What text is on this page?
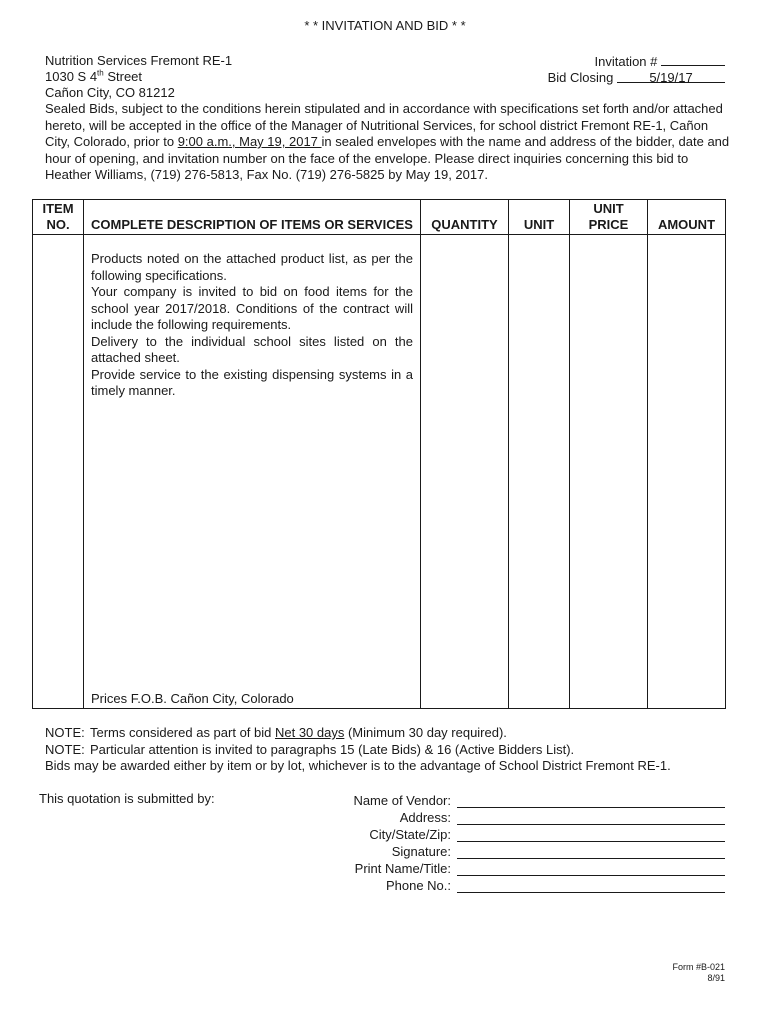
* * INVITATION AND BID * *
Nutrition Services Fremont RE-1
1030 S 4th Street
Cañon City, CO 81212
Invitation #
Bid Closing	5/19/17
Sealed Bids, subject to the conditions herein stipulated and in accordance with specifications set forth and/or attached hereto, will be accepted in the office of the Manager of Nutritional Services, for school district Fremont RE-1, Cañon City, Colorado, prior to 9:00 a.m., May 19, 2017 in sealed envelopes with the name and address of the bidder, date and hour of opening, and invitation number on the face of the envelope. Please direct inquiries concerning this bid to Heather Williams, (719) 276-5813, Fax No. (719) 276-5825 by May 19, 2017.
ITEM NO.	COMPLETE DESCRIPTION OF ITEMS OR SERVICES	QUANTITY	UNIT	UNIT PRICE	AMOUNT

	Products noted on the attached product list, as per the following specifications.

Your company is invited to bid on food items for the school year 2017/2018. Conditions of the contract will include the following requirements.

Delivery to the individual school sites listed on the attached sheet.

Provide service to the existing dispensing systems in a timely manner.

Prices F.O.B. Cañon City, Colorado				

NOTE: Terms considered as part of bid Net 30 days (Minimum 30 day required).
NOTE: Particular attention is invited to paragraphs 15 (Late Bids) & 16 (Active Bidders List).
Bids may be awarded either by item or by lot, whichever is to the advantage of School District Fremont RE-1.
This quotation is submitted by:	Name of Vendor:
Address:
City/State/Zip:
Signature:
Print Name/Title:
Phone No.:
Form #B-021
8/91
